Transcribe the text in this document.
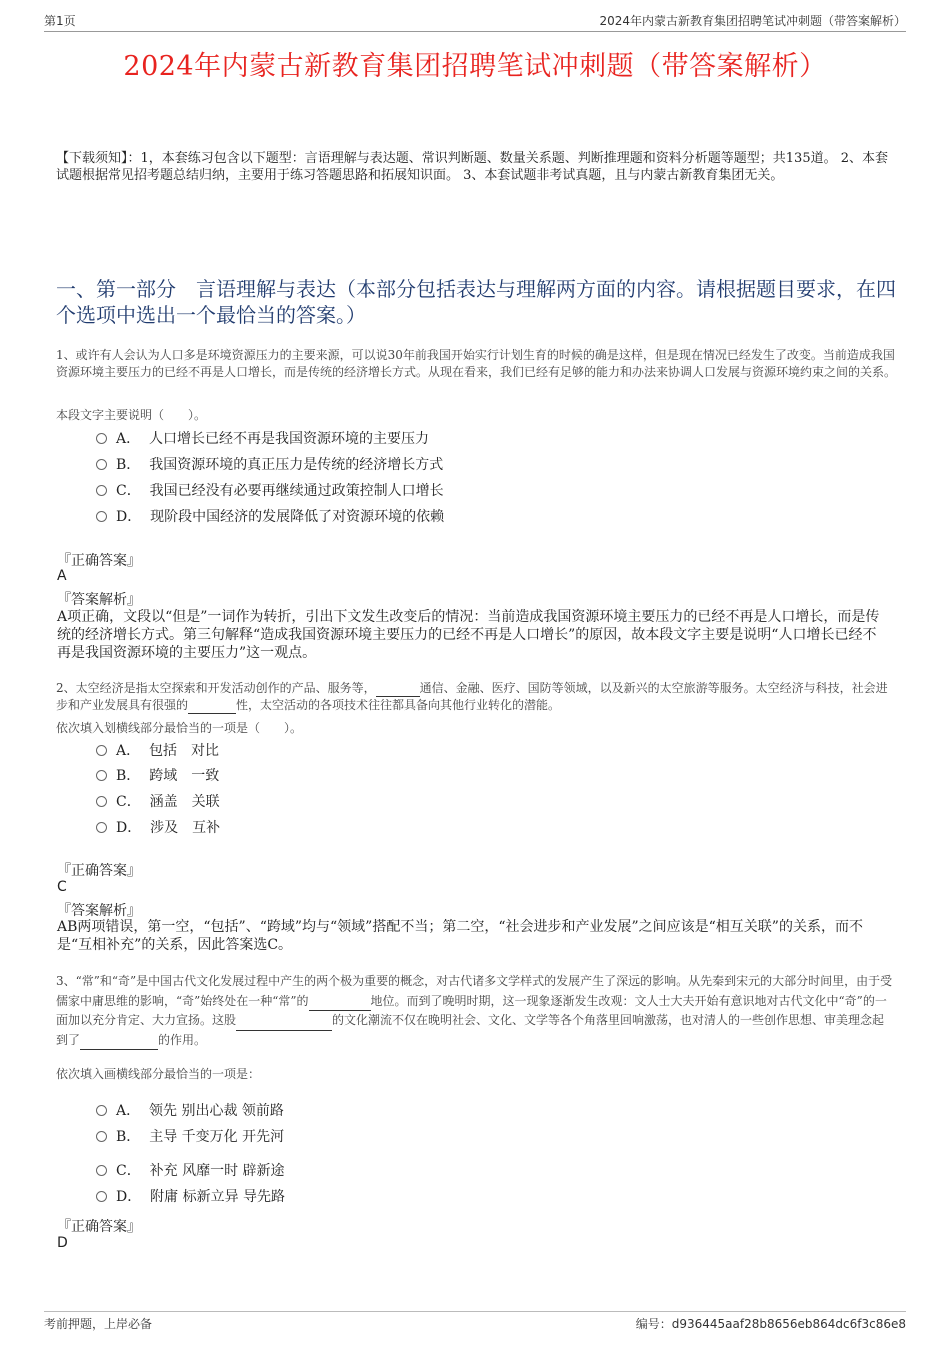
第1页	2024年内蒙古新教育集团招聘笔试冲刺题（带答案解析）
2024年内蒙古新教育集团招聘笔试冲刺题（带答案解析）
【下载须知】：1，本套练习包含以下题型：言语理解与表达题、常识判断题、数量关系题、判断推理题和资料分析题等题型；共135道。 2、本套试题根据常见招考题总结归纳，主要用于练习答题思路和拓展知识面。 3、本套试题非考试真题，且与内蒙古新教育集团无关。
一、第一部分　言语理解与表达（本部分包括表达与理解两方面的内容。请根据题目要求，在四个选项中选出一个最恰当的答案。）
1、或许有人会认为人口多是环境资源压力的主要来源，可以说30年前我国开始实行计划生育的时候的确是这样，但是现在情况已经发生了改变。当前造成我国资源环境主要压力的已经不再是人口增长，而是传统的经济增长方式。从现在看来，我们已经有足够的能力和办法来协调人口发展与资源环境约束之间的关系。
本段文字主要说明（　　）。
A． 人口增长已经不再是我国资源环境的主要压力
B． 我国资源环境的真正压力是传统的经济增长方式
C． 我国已经没有必要再继续通过政策控制人口增长
D． 现阶段中国经济的发展降低了对资源环境的依赖
『正确答案』
A
『答案解析』
A项正确，文段以“但是”一词作为转折，引出下文发生改变后的情况：当前造成我国资源环境主要压力的已经不再是人口增长，而是传统的经济增长方式。第三句解释“造成我国资源环境主要压力的已经不再是人口增长”的原因，故本段文字主要是说明“人口增长已经不再是我国资源环境的主要压力”这一观点。
2、太空经济是指太空探索和开发活动创作的产品、服务等，	通信、金融、医疗、国防等领域，以及新兴的太空旅游等服务。太空经济与科技，社会进步和产业发展具有很强的	性，太空活动的各项技术往往都具备向其他行业转化的潜能。
依次填入划横线部分最恰当的一项是（　　）。
A． 包括　对比
B． 跨域　一致
C． 涵盖　关联
D． 涉及　互补
『正确答案』
C
『答案解析』
AB两项错误，第一空，“包括”、“跨域”均与“领域”搭配不当；第二空，“社会进步和产业发展”之间应该是“相互关联”的关系，而不是“互相补充”的关系，因此答案选C。
3、“常”和“奇”是中国古代文化发展过程中产生的两个极为重要的概念，对古代诸多文学样式的发展产生了深远的影响。从先秦到宋元的大部分时间里，由于受儒家中庸思维的影响，“奇”始终处在一种“常”的	地位。而到了晚明时期，这一现象逐渐发生改观：文人士大夫开始有意识地对古代文化中“奇”的一面加以充分肯定、大力宣扬。这股	的文化潮流不仅在晚明社会、文化、文学等各个角落里回响激荡，也对清人的一些创作思想、审美理念起到了	的作用。
依次填入画横线部分最恰当的一项是：
A． 领先 别出心裁 领前路
B． 主导 千变万化 开先河
C． 补充 风靡一时 辟新途
D． 附庸 标新立异 导先路
『正确答案』
D
考前押题，上岸必备	编号：d936445aaf28b8656eb864dc6f3c86e8
